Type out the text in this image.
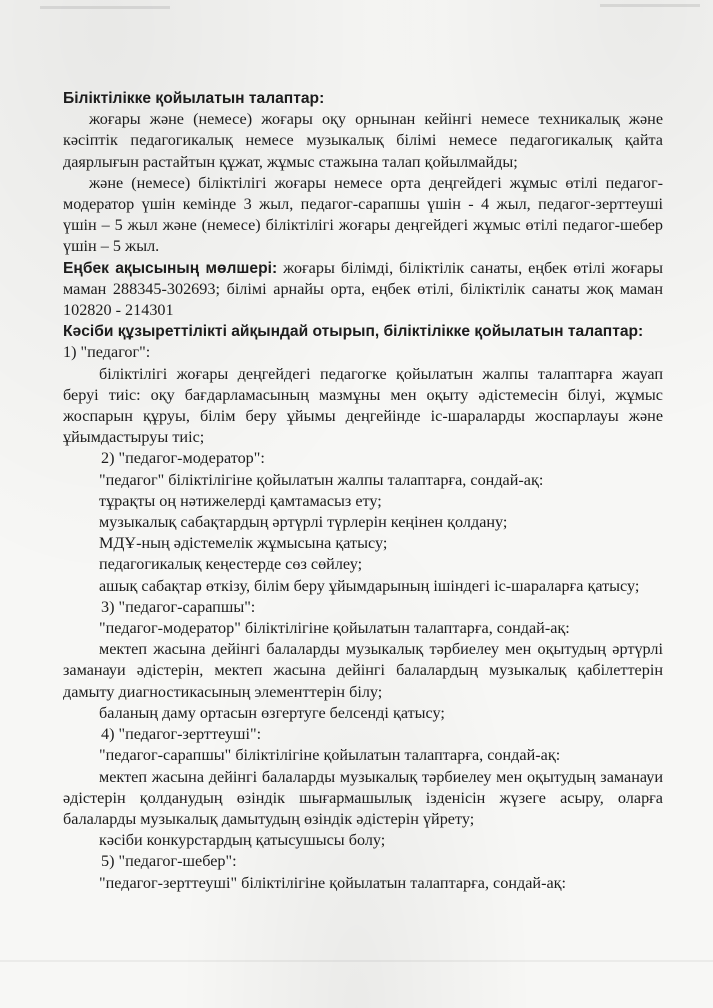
Біліктілікке қойылатын талаптар:

жоғары және (немесе) жоғары оқу орнынан кейінгі немесе техникалық және кәсіптік педагогикалық немесе музыкалық білімі немесе педагогикалық қайта даярлығын растайтын құжат, жұмыс стажына талап қойылмайды;

және (немесе) біліктілігі жоғары немесе орта деңгейдегі жұмыс өтілі педагог-модератор үшін кемінде 3 жыл, педагог-сарапшы үшін - 4 жыл, педагог-зерттеуші үшін – 5 жыл және (немесе) біліктілігі жоғары деңгейдегі жұмыс өтілі педагог-шебер үшін – 5 жыл.

Еңбек ақысының мөлшері: жоғары білімді, біліктілік санаты, еңбек өтілі жоғары маман 288345-302693; білімі арнайы орта, еңбек өтілі, біліктілік санаты жоқ маман 102820 - 214301

Кәсіби құзыреттілікті айқындай отырып, біліктілікке қойылатын талаптар:

1) "педагог":

біліктілігі жоғары деңгейдегі педагогке қойылатын жалпы талаптарға жауап беруі тиіс: оқу бағдарламасының мазмұны мен оқыту әдістемесін білуі, жұмыс жоспарын құруы, білім беру ұйымы деңгейінде іс-шараларды жоспарлауы және ұйымдастыруы тиіс;

2) "педагог-модератор":

"педагог" біліктілігіне қойылатын жалпы талаптарға, сондай-ақ:

тұрақты оң нәтижелерді қамтамасыз ету;

музыкалық сабақтардың әртүрлі түрлерін кеңінен қолдану;

МДҰ-ның әдістемелік жұмысына қатысу;

педагогикалық кеңестерде сөз сөйлеу;

ашық сабақтар өткізу, білім беру ұйымдарының ішіндегі іс-шараларға қатысу;

3) "педагог-сарапшы":

"педагог-модератор" біліктілігіне қойылатын талаптарға, сондай-ақ:

мектеп жасына дейінгі балаларды музыкалық тәрбиелеу мен оқытудың әртүрлі заманауи әдістерін, мектеп жасына дейінгі балалардың музыкалық қабілеттерін дамыту диагностикасының элементтерін білу;

баланың даму ортасын өзгертуге белсенді қатысу;

4) "педагог-зерттеуші":

"педагог-сарапшы" біліктілігіне қойылатын талаптарға, сондай-ақ:

мектеп жасына дейінгі балаларды музыкалық тәрбиелеу мен оқытудың заманауи әдістерін қолданудың өзіндік шығармашылық ізденісін жүзеге асыру, оларға балаларды музыкалық дамытудың өзіндік әдістерін үйрету;

кәсіби конкурстардың қатысушысы болу;

5) "педагог-шебер":

"педагог-зерттеуші" біліктілігіне қойылатын талаптарға, сондай-ақ:
